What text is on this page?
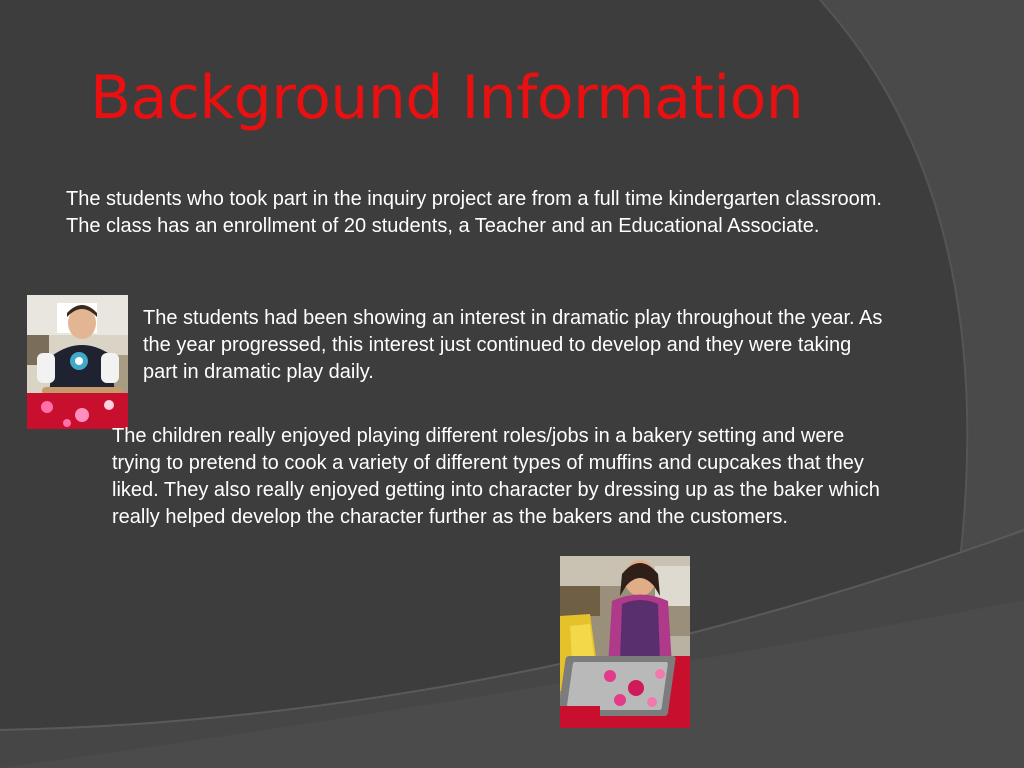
Background Information

The students who took part in the inquiry project are from a full time kindergarten classroom. The class has an enrollment of 20 students, a Teacher and an Educational Associate.

The students had been showing an interest in dramatic play throughout the year. As the year progressed, this interest just continued to develop and they were taking part in dramatic play daily.

The children really enjoyed playing different roles/jobs in a bakery setting and were trying to pretend to cook a variety of different types of muffins and cupcakes that they liked. They also really enjoyed getting into character by dressing up as the baker which really helped develop the character further as the bakers and the customers.
